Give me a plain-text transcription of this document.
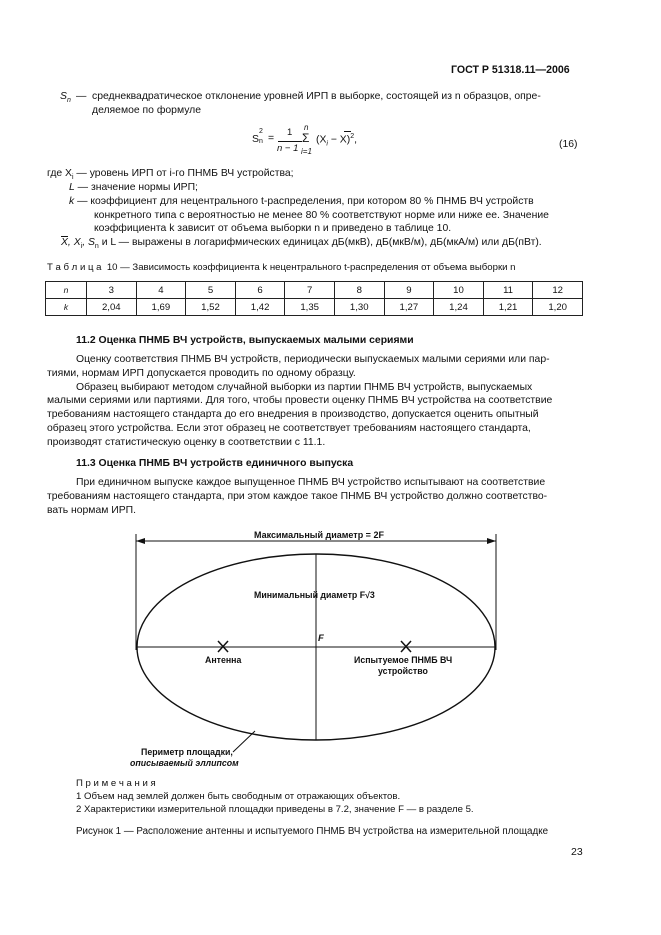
ГОСТ Р 51318.11—2006
$S_n$ — среднеквадратическое отклонение уровней ИРП в выборке, состоящей из n образцов, опре-
деляемое по формуле
S
2
n =
1
n − 1
n
Σ
i=1
$(X_i - X)^2$,	(16)
где $X_i$ — уровень ИРП от i-го ПНМБ ВЧ устройства;
L — значение нормы ИРП;
k — коэффициент для нецентрального t-распределения, при котором 80 % ПНМБ ВЧ устройств
конкретного типа с вероятностью не менее 80 % соответствуют норме или ниже ее. Значение
коэффициента k зависит от объема выборки n и приведено в таблице 10.
X, $X_i$, $S_n$ и L — выражены в логарифмических единицах дБ(мкВ), дБ(мкВ/м), дБ(мкА/м) или дБ(пВт).
Т а б л и ц а 10 — Зависимость коэффициента k нецентрального t-распределения от объема выборки n
n	3	4	5	6	7	8	9	10	11	12
k	2,04	1,69	1,52	1,42	1,35	1,30	1,27	1,24	1,21	1,20
11.2 Оценка ПНМБ ВЧ устройств, выпускаемых малыми сериями
Оценку соответствия ПНМБ ВЧ устройств, периодически выпускаемых малыми сериями или пар-
тиями, нормам ИРП допускается проводить по одному образцу.
Образец выбирают методом случайной выборки из партии ПНМБ ВЧ устройств, выпускаемых
малыми сериями или партиями. Для того, чтобы провести оценку ПНМБ ВЧ устройства на соответствие
требованиям настоящего стандарта до его внедрения в производство, допускается оценить опытный
образец этого устройства. Если этот образец не соответствует требованиям настоящего стандарта,
производят статистическую оценку в соответствии с 11.1.
11.3 Оценка ПНМБ ВЧ устройств единичного выпуска
При единичном выпуске каждое выпущенное ПНМБ ВЧ устройство испытывают на соответствие
требованиям настоящего стандарта, при этом каждое такое ПНМБ ВЧ устройство должно соответство-
вать нормам ИРП.
Максимальный диаметр = 2F
Минимальный диаметр F√3
F
Антенна	Испытуемое ПНМБ ВЧ
устройство
Периметр площадки,
описываемый эллипсом
П р и м е ч а н и я
1 Объем над землей должен быть свободным от отражающих объектов.
2 Характеристики измерительной площадки приведены в 7.2, значение F — в разделе 5.
Рисунок 1 — Расположение антенны и испытуемого ПНМБ ВЧ устройства на измерительной площадке
23
